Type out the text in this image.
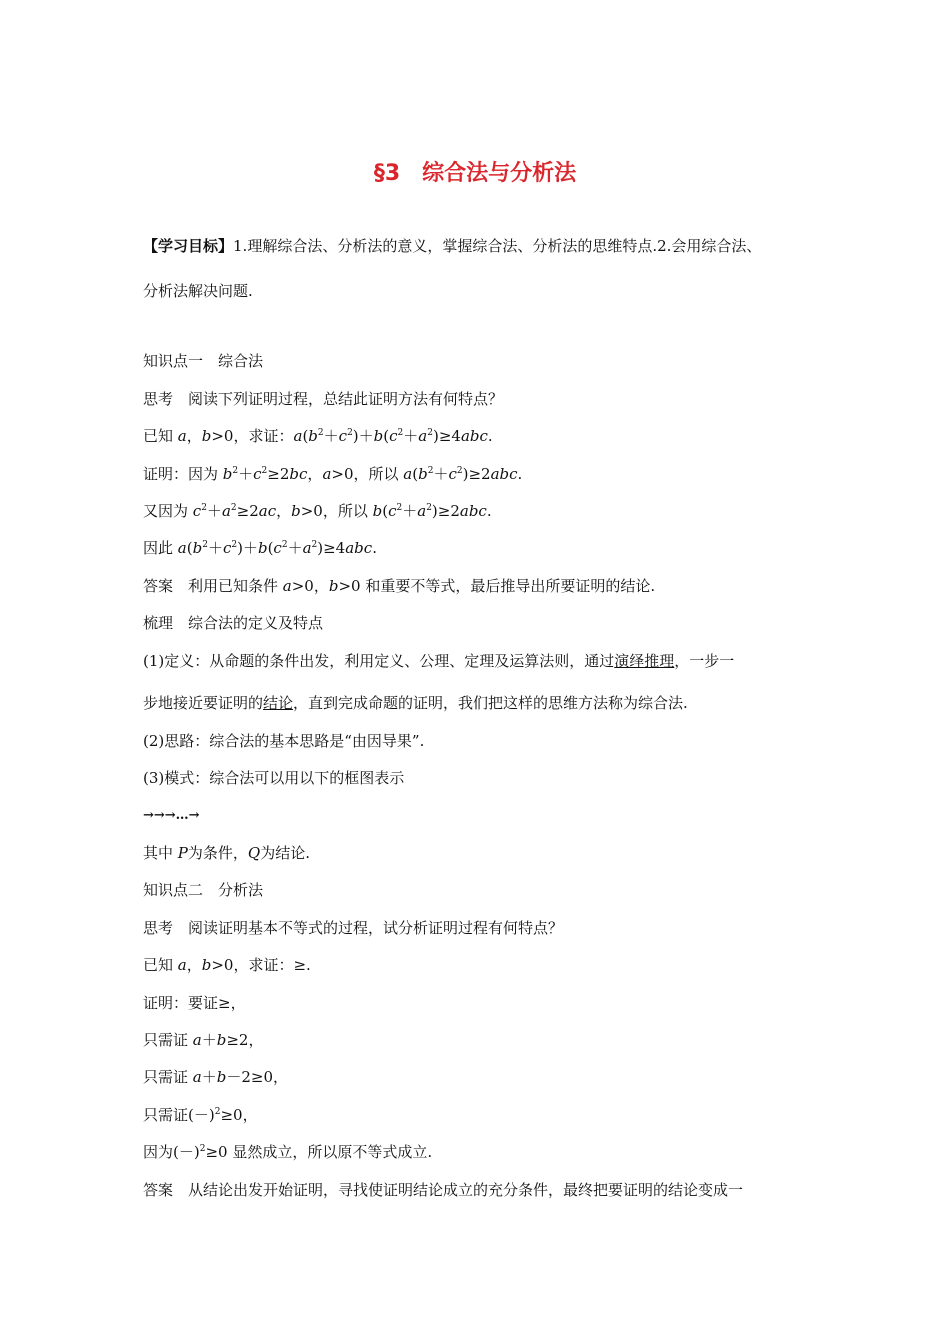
§3　综合法与分析法
【学习目标】1.理解综合法、分析法的意义，掌握综合法、分析法的思维特点.2.会用综合法、
分析法解决问题.
知识点一　综合法
思考　阅读下列证明过程，总结此证明方法有何特点？
已知 a，b>0，求证：$a(b^2+c^2)+b(c^2+a^2)\ge 4abc$.
证明：因为 $b^2+c^2\ge 2bc$，a>0，所以 $a(b^2+c^2)\ge 2abc$.
又因为 $c^2+a^2\ge 2ac$，b>0，所以 $b(c^2+a^2)\ge 2abc$.
因此 $a(b^2+c^2)+b(c^2+a^2)\ge 4abc$.
答案　利用已知条件 a>0，b>0 和重要不等式，最后推导出所要证明的结论.
梳理　综合法的定义及特点
(1)定义：从命题的条件出发，利用定义、公理、定理及运算法则，通过演绎推理，一步一
步地接近要证明的结论，直到完成命题的证明，我们把这样的思维方法称为综合法.
(2)思路：综合法的基本思路是“由因导果”.
(3)模式：综合法可以用以下的框图表示
→→→…→
其中 P为条件，Q为结论.
知识点二　分析法
思考　阅读证明基本不等式的过程，试分析证明过程有何特点？
已知 a，b>0，求证：≥.
证明：要证≥，
只需证 a＋b≥2，
只需证 a＋b－2≥0，
只需证$(-)^2\ge 0$，
因为$(-)^2\ge 0$ 显然成立，所以原不等式成立.
答案　从结论出发开始证明，寻找使证明结论成立的充分条件，最终把要证明的结论变成一
